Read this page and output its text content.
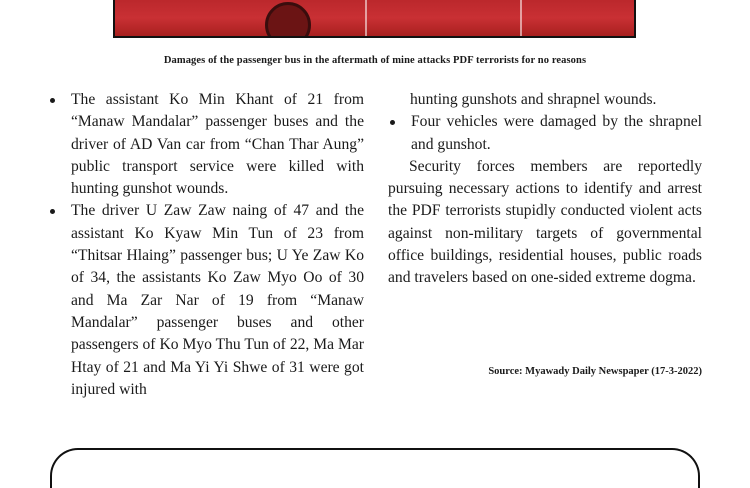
Damages of the passenger bus in the aftermath of mine attacks PDF terrorists for no reasons
The assistant Ko Min Khant of 21 from “Manaw Mandalar” passenger buses and the driver of AD Van car from “Chan Thar Aung” public transport service were killed with hunting gunshot wounds.
The driver U Zaw Zaw naing of 47 and the assistant Ko Kyaw Min Tun of 23 from “Thitsar Hlaing” passenger bus; U Ye Zaw Ko of 34, the assistants Ko Zaw Myo Oo of 30 and Ma Zar Nar of 19 from “Manaw Mandalar” passenger buses and other passengers of Ko Myo Thu Tun of 22, Ma Mar Htay of 21 and Ma Yi Yi Shwe of 31 were got injured with
hunting gunshots and shrapnel wounds.
Four vehicles were damaged by the shrapnel and gunshot.

Security forces members are reportedly pursuing necessary actions to identify and arrest the PDF terrorists stupidly conducted violent acts against non-military targets of governmental office buildings, residential houses, public roads and travelers based on one-sided extreme dogma.

Source: Myawady Daily Newspaper (17-3-2022)
